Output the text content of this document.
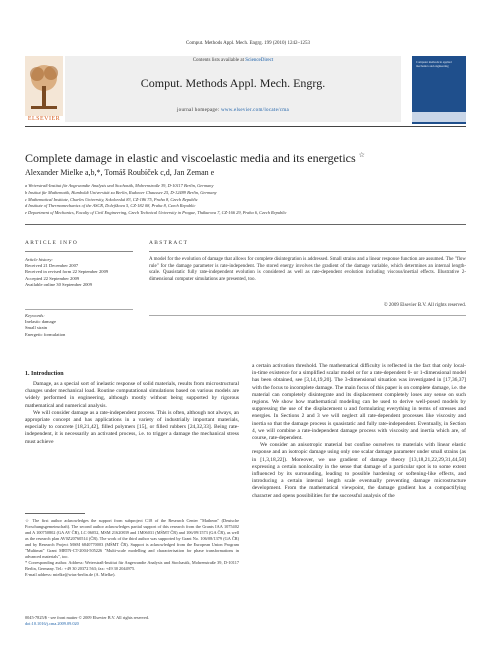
Comput. Methods Appl. Mech. Engrg. 199 (2010) 1242–1253
ELSEVIER
Contents lists available at ScienceDirect
Comput. Methods Appl. Mech. Engrg.
journal homepage: www.elsevier.com/locate/cma
Computer methods in applied mechanics and engineering
Complete damage in elastic and viscoelastic media and its energetics ☆
Alexander Mielke a,b,*, Tomáš Roubíček c,d, Jan Zeman e
a Weierstraß-Institut für Angewandte Analysis und Stochastik, Mohrenstraße 39, D-10117 Berlin, Germany
b Institut für Mathematik, Humboldt Universität zu Berlin, Rudower Chaussee 25, D-12489 Berlin, Germany
c Mathematical Institute, Charles University, Sokolovská 83, CZ-186 75, Praha 8, Czech Republic
d Institute of Thermomechanics of the ASCR, Dolejškova 5, CZ-182 08, Praha 8, Czech Republic
e Department of Mechanics, Faculty of Civil Engineering, Czech Technical University in Prague, Thákurova 7, CZ-166 29, Praha 6, Czech Republic
ARTICLE INFO	ABSTRACT
Article history:
Received 21 December 2007
Received in revised form 22 September 2009
Accepted 22 September 2009
Available online 30 September 2009
Keywords:
Inelastic damage
Small strain
Energetic formulation
A model for the evolution of damage that allows for complete disintegration is addressed. Small strains and a linear response function are assumed. The "flow rule" for the damage parameter is rate-independent. The stored energy involves the gradient of the damage variable, which determines an internal length-scale. Quasistatic fully rate-independent evolution is considered as well as rate-dependent evolution including viscous/inertial effects. Illustrative 2-dimensional computer simulations are presented, too.
© 2009 Elsevier B.V. All rights reserved.
1. Introduction

Damage, as a special sort of inelastic response of solid materials, results from microstructural changes under mechanical load. Routine computational simulations based on various models are widely performed in engineering, although mostly without being supported by rigorous mathematical and numerical analysis.

We will consider damage as a rate-independent process. This is often, although not always, an appropriate concept and has applications in a variety of industrially important materials, especially to concrete [18,21,42], filled polymers [15], or filled rubbers [24,32,33]. Being rate-independent, it is necessarily an activated process, i.e. to trigger a damage the mechanical stress must achieve

a certain activation threshold. The mathematical difficulty is reflected in the fact that only local-in-time existence for a simplified scalar model or for a rate-dependent 0- or 1-dimensional model has been obtained, see [3,14,19,20]. The 3-dimensional situation was investigated in [17,36,37] with the focus to incomplete damage. The main focus of this paper is on complete damage, i.e. the material can completely disintegrate and its displacement completely loses any sense on such regions. We show how mathematical modeling can be used to derive well-posed models by suppressing the use of the displacement u and formulating everything in terms of stresses and energies. In Sections 2 and 3 we will neglect all rate-dependent processes like viscosity and inertia so that the damage process is quasistatic and fully rate-independent. Eventually, in Section 4, we will combine a rate-independent damage process with viscosity and inertia which are, of course, rate-dependent.

We consider an anisotropic material but confine ourselves to materials with linear elastic response and an isotropic damage using only one scalar damage parameter under small strains (as in [1,3,18,22]). Moreover, we use gradient of damage theory [13,18,21,22,29,31,44,50] expressing a certain nonlocality in the sense that damage of a particular spot is to some extent influenced by its surrounding, leading to possible hardening or softening-like effects, and introducing a certain internal length scale eventually preventing damage microstructure development. From the mathematical viewpoint, the damage gradient has a compactifying character and opens possibilities for the successful analysis of the

☆ The first author acknowledges the support from subproject C18 of the Research Center "Matheon" (Deutsche Forschungsgemeinschaft). The second author acknowledges partial support of this research from the Grants IAA 1075402 and A 100750802 (GA AV ČR), LC 06052, MSM 21620839 and 1M06031 (MŠMT ČR) and 106/09/1573 (GA ČR), as well as the research plan AV0Z20760514 (ČR). The work of the third author was supported by Grant No. 106/08/1379 (GA ČR) and by Research Project MSM 6840770003 (MŠMT ČR). Support is acknowledged from the European Union Program "Multimat" Grant MRTN-CT-2004-505226 "Multi-scale modelling and characterisation for phase transformations in advanced materials", too.

* Corresponding author. Address: Weierstraß-Institut für Angewandte Analysis und Stochastik, Mohrenstraße 39, D-10117 Berlin, Germany. Tel.: +49 30 20372 563; fax: +49 30 2044975.

E-mail address: mielke@wias-berlin.de (A. Mielke).

0045-7825/$ - see front matter © 2009 Elsevier B.V. All rights reserved.
doi:10.1016/j.cma.2009.09.020
